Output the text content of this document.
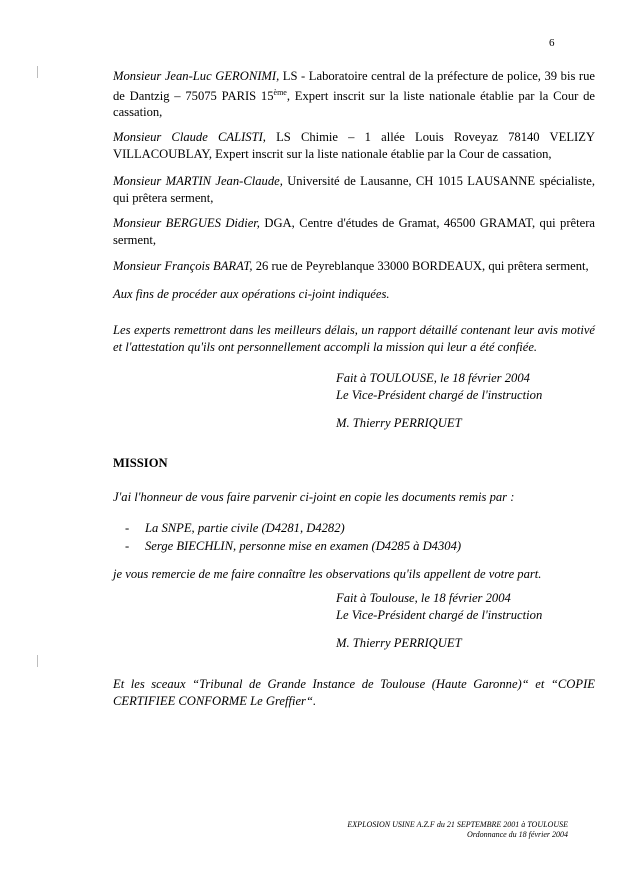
6
Monsieur Jean-Luc GERONIMI, LS - Laboratoire central de la préfecture de police, 39 bis rue de Dantzig – 75075 PARIS 15ème, Expert inscrit sur la liste nationale établie par la Cour de cassation,
Monsieur Claude CALISTI, LS Chimie – 1 allée Louis Roveyaz 78140 VELIZY VILLACOUBLAY, Expert inscrit sur la liste nationale établie par la Cour de cassation,
Monsieur MARTIN Jean-Claude, Université de Lausanne, CH 1015 LAUSANNE spécialiste, qui prêtera serment,
Monsieur BERGUES Didier, DGA, Centre d'études de Gramat, 46500 GRAMAT, qui prêtera serment,
Monsieur François BARAT, 26 rue de Peyreblanque 33000 BORDEAUX, qui prêtera serment,
Aux fins de procéder aux opérations ci-joint indiquées.
Les experts remettront dans les meilleurs délais, un rapport détaillé contenant leur avis motivé et l'attestation qu'ils ont personnellement accompli la mission qui leur a été confiée.
Fait à TOULOUSE, le 18 février 2004
Le Vice-Président chargé de l'instruction
M. Thierry PERRIQUET
MISSION
J'ai l'honneur de vous faire parvenir ci-joint en copie les documents remis par :
- La SNPE, partie civile (D4281, D4282)
- Serge BIECHLIN, personne mise en examen (D4285 à D4304)
je vous remercie de me faire connaître les observations qu'ils appellent de votre part.
Fait à Toulouse, le 18 février 2004
Le Vice-Président chargé de l'instruction
M. Thierry PERRIQUET
Et les sceaux “Tribunal de Grande Instance de Toulouse (Haute Garonne)“ et “COPIE CERTIFIEE CONFORME Le Greffier“.
EXPLOSION USINE A.Z.F du 21 SEPTEMBRE 2001 à TOULOUSE
Ordonnance du 18 février 2004
